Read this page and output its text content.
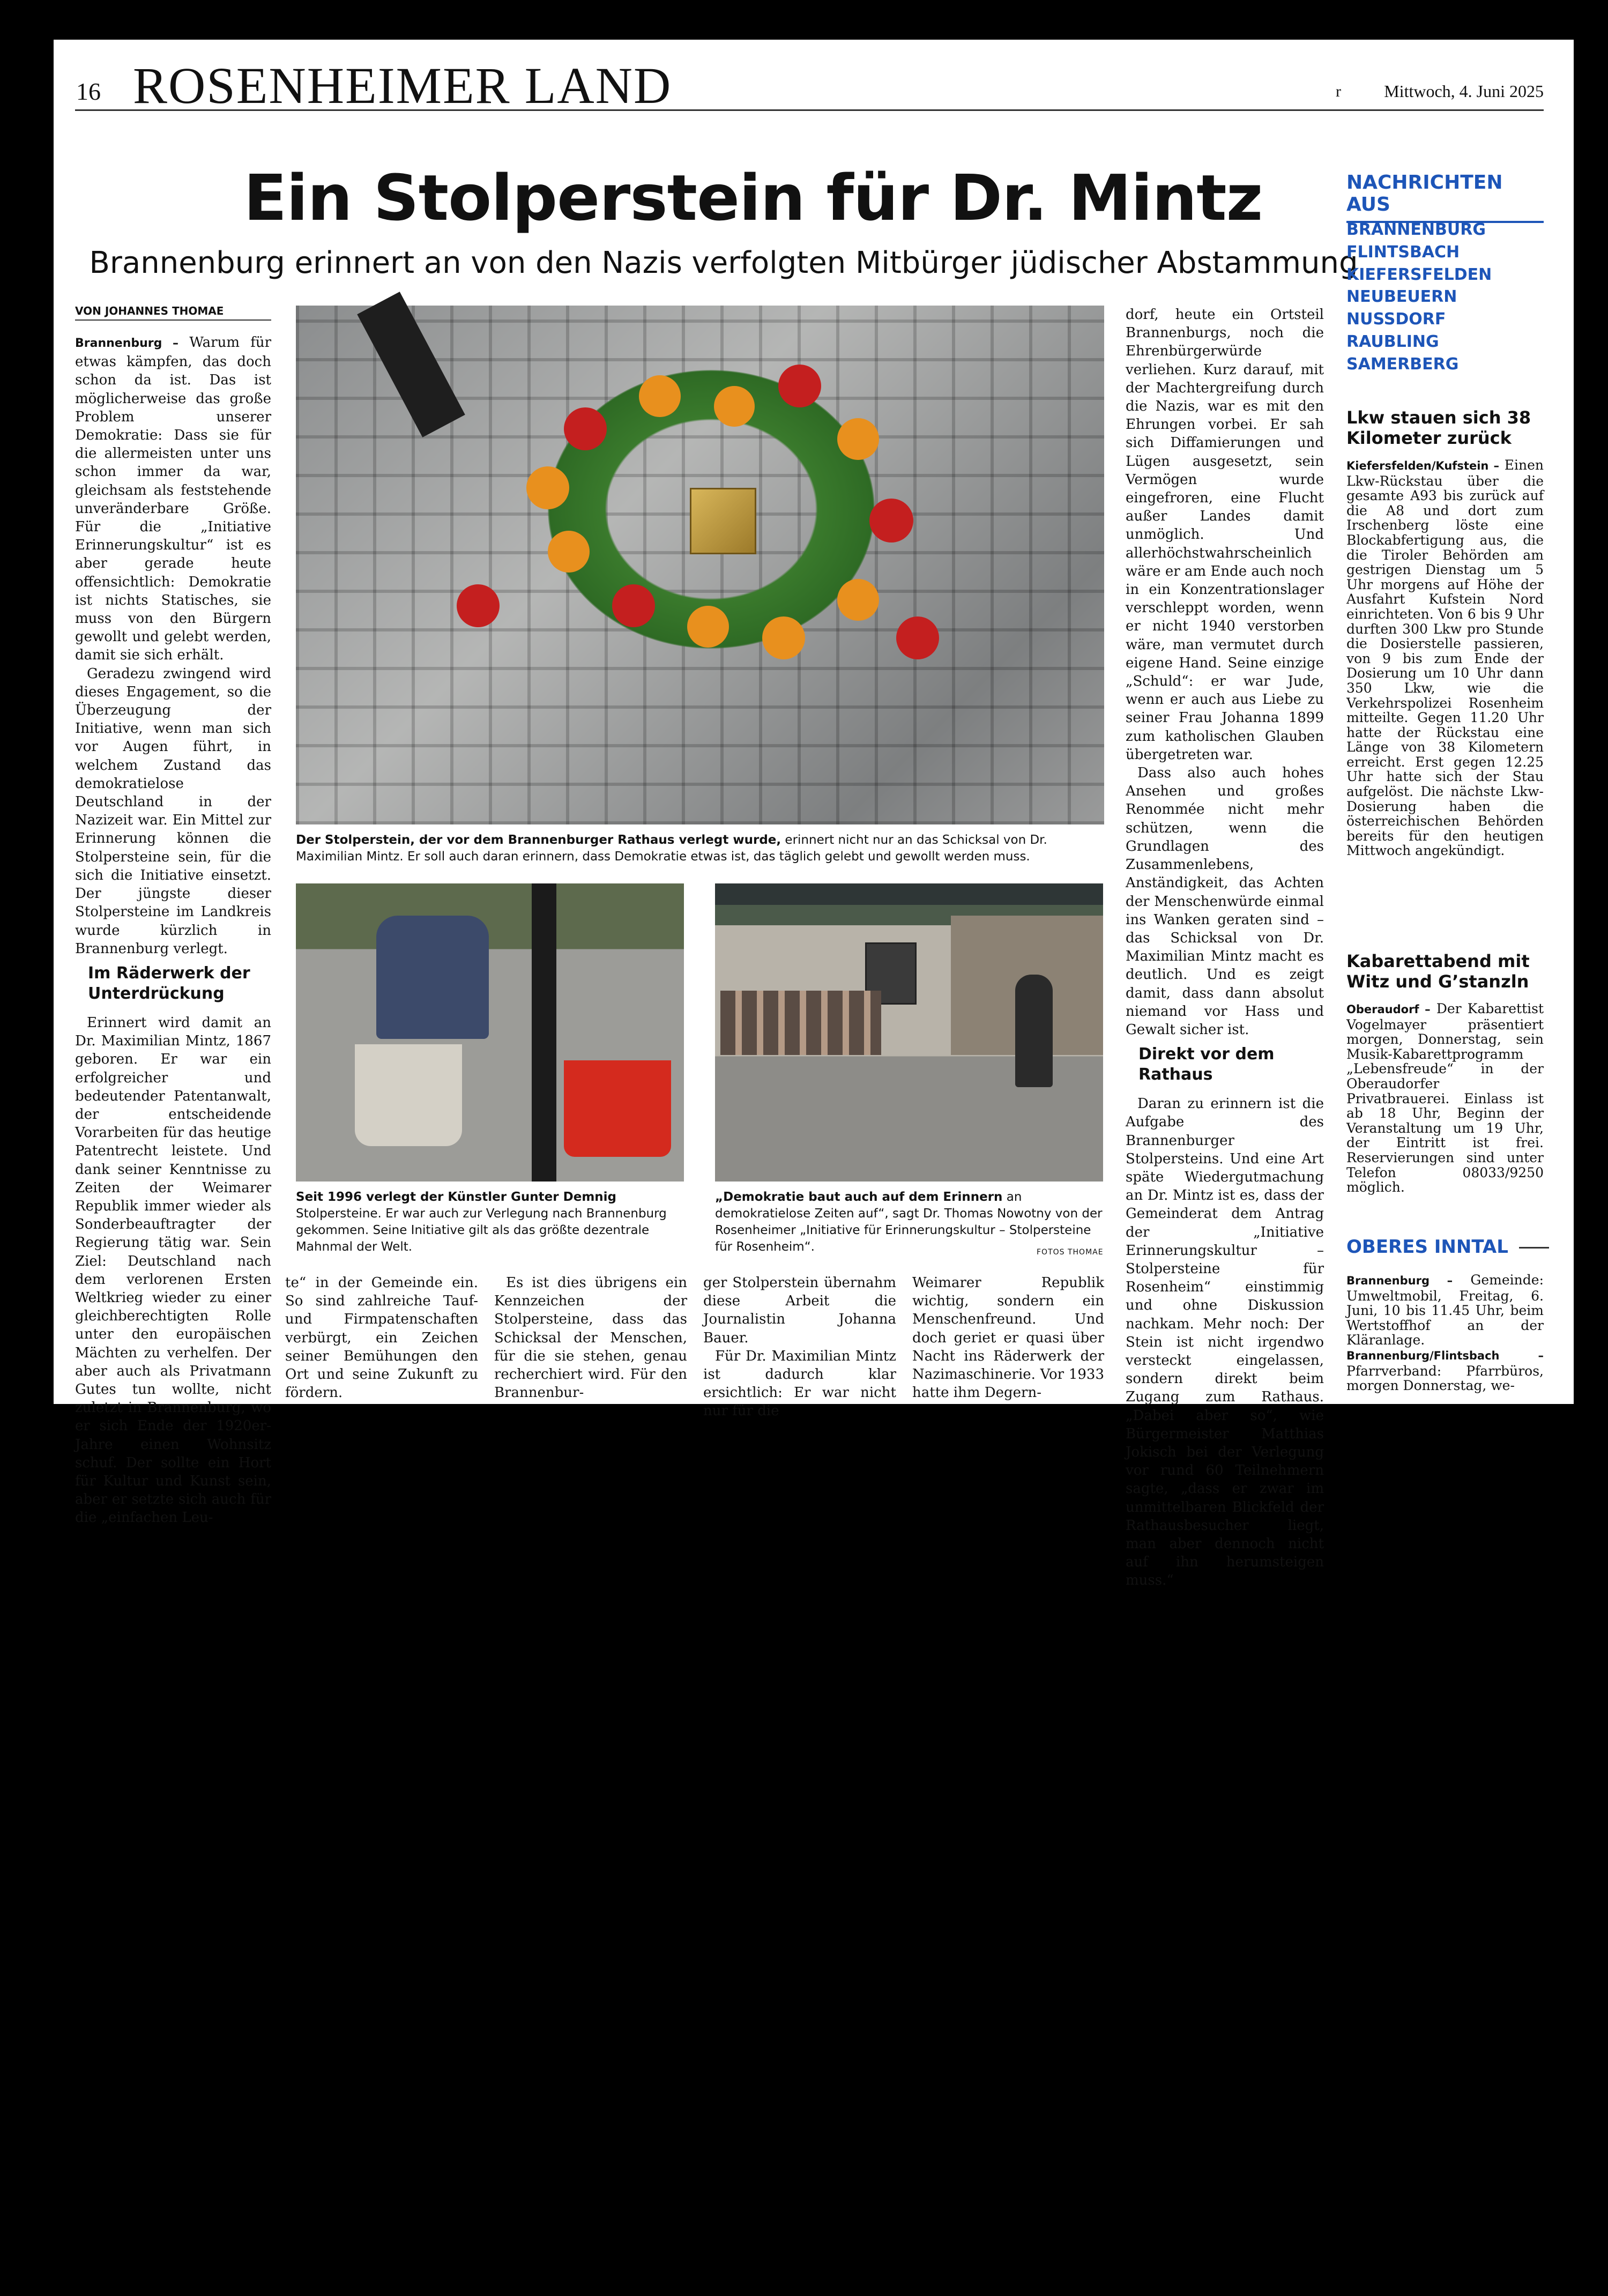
16 ROSENHEIMER LAND	r	Mittwoch, 4. Juni 2025
Ein Stolperstein für Dr. Mintz
Brannenburg erinnert an von den Nazis verfolgten Mitbürger jüdischer Abstammung
VON JOHANNES THOMAE

Brannenburg – Warum für etwas kämpfen, das doch schon da ist. Das ist möglicherweise das große Problem unserer Demokratie: Dass sie für die allermeisten unter uns schon immer da war, gleichsam als feststehende unveränderbare Größe. Für die „Initiative Erinnerungskultur“ ist es aber gerade heute offensichtlich: Demokratie ist nichts Statisches, sie muss von den Bürgern gewollt und gelebt werden, damit sie sich erhält.

Geradezu zwingend wird dieses Engagement, so die Überzeugung der Initiative, wenn man sich vor Augen führt, in welchem Zustand das demokratielose Deutschland in der Nazizeit war. Ein Mittel zur Erinnerung können die Stolpersteine sein, für die sich die Initiative einsetzt. Der jüngste dieser Stolpersteine im Landkreis wurde kürzlich in Brannenburg verlegt.

Im Räderwerk der Unterdrückung

Erinnert wird damit an Dr. Maximilian Mintz, 1867 geboren. Er war ein erfolgreicher und bedeutender Patentanwalt, der entscheidende Vorarbeiten für das heutige Patentrecht leistete. Und dank seiner Kenntnisse zu Zeiten der Weimarer Republik immer wieder als Sonderbeauftragter der Regierung tätig war. Sein Ziel: Deutschland nach dem verlorenen Ersten Weltkrieg wieder zu einer gleichberechtigten Rolle unter den europäischen Mächten zu verhelfen. Der aber auch als Privatmann Gutes tun wollte, nicht zuletzt in Brannenburg, wo er sich Ende der 1920er-Jahre einen Wohnsitz schuf. Der sollte ein Hort für Kultur und Kunst sein, aber er setzte sich auch für die „einfachen Leu-

Der Stolperstein, der vor dem Brannenburger Rathaus verlegt wurde, erinnert nicht nur an das Schicksal von Dr. Maximilian Mintz. Er soll auch daran erinnern, dass Demokratie etwas ist, das täglich gelebt und gewollt werden muss.
Seit 1996 verlegt der Künstler Gunter Demnig Stolpersteine. Er war auch zur Verlegung nach Brannenburg gekommen. Seine Initiative gilt als das größte dezentrale Mahnmal der Welt.
„Demokratie baut auch auf dem Erinnern an demokratielose Zeiten auf“, sagt Dr. Thomas Nowotny von der Rosenheimer „Initiative für Erinnerungskultur – Stolpersteine für Rosenheim“.	FOTOS THOMAE

te“ in der Gemeinde ein. So sind zahlreiche Tauf- und Firmpatenschaften verbürgt, ein Zeichen seiner Bemühungen den Ort und seine Zukunft zu fördern.

Es ist dies übrigens ein Kennzeichen der Stolpersteine, dass das Schicksal der Menschen, für die sie stehen, genau recherchiert wird. Für den Brannenbur-

ger Stolperstein übernahm diese Arbeit die Journalistin Johanna Bauer.

Für Dr. Maximilian Mintz ist dadurch klar ersichtlich: Er war nicht nur für die

Weimarer Republik wichtig, sondern ein Menschenfreund. Und doch geriet er quasi über Nacht ins Räderwerk der Nazimaschinerie. Vor 1933 hatte ihm Degern-

dorf, heute ein Ortsteil Brannenburgs, noch die Ehrenbürgerwürde verliehen. Kurz darauf, mit der Machtergreifung durch die Nazis, war es mit den Ehrungen vorbei. Er sah sich Diffamierungen und Lügen ausgesetzt, sein Vermögen wurde eingefroren, eine Flucht außer Landes damit unmöglich. Und allerhöchstwahrscheinlich wäre er am Ende auch noch in ein Konzentrationslager verschleppt worden, wenn er nicht 1940 verstorben wäre, man vermutet durch eigene Hand. Seine einzige „Schuld“: er war Jude, wenn er auch aus Liebe zu seiner Frau Johanna 1899 zum katholischen Glauben übergetreten war.

Dass also auch hohes Ansehen und großes Renommée nicht mehr schützen, wenn die Grundlagen des Zusammenlebens, Anständigkeit, das Achten der Menschenwürde einmal ins Wanken geraten sind – das Schicksal von Dr. Maximilian Mintz macht es deutlich. Und es zeigt damit, dass dann absolut niemand vor Hass und Gewalt sicher ist.

Direkt vor dem Rathaus

Daran zu erinnern ist die Aufgabe des Brannenburger Stolpersteins. Und eine Art späte Wiedergutmachung an Dr. Mintz ist es, dass der Gemeinderat dem Antrag der „Initiative Erinnerungskultur – Stolpersteine für Rosenheim“ einstimmig und ohne Diskussion nachkam. Mehr noch: Der Stein ist nicht irgendwo versteckt eingelassen, sondern direkt beim Zugang zum Rathaus. „Dabei aber so“, wie Bürgermeister Matthias Jokisch bei der Verlegung vor rund 60 Teilnehmern sagte, „dass er zwar im unmittelbaren Blickfeld der Rathausbesucher liegt, man aber dennoch nicht auf ihn herumsteigen muss.“

NACHRICHTEN AUS
BRANNENBURG
FLINTSBACH
KIEFERSFELDEN
NEUBEUERN
NUSSDORF
RAUBLING
SAMERBERG
Lkw stauen sich 38 Kilometer zurück

Kiefersfelden/Kufstein – Einen Lkw-Rückstau über die gesamte A93 bis zurück auf die A8 und dort zum Irschenberg löste eine Blockabfertigung aus, die die Tiroler Behörden am gestrigen Dienstag um 5 Uhr morgens auf Höhe der Ausfahrt Kufstein Nord einrichteten. Von 6 bis 9 Uhr durften 300 Lkw pro Stunde die Dosierstelle passieren, von 9 bis zum Ende der Dosierung um 10 Uhr dann 350 Lkw, wie die Verkehrspolizei Rosenheim mitteilte. Gegen 11.20 Uhr hatte der Rückstau eine Länge von 38 Kilometern erreicht. Erst gegen 12.25 Uhr hatte sich der Stau aufgelöst. Die nächste Lkw-Dosierung haben die österreichischen Behörden bereits für den heutigen Mittwoch angekündigt.

Kabarettabend mit Witz und G’stanzln

Oberaudorf – Der Kabarettist Vogelmayer präsentiert morgen, Donnerstag, sein Musik-Kabarettprogramm „Lebensfreude“ in der Oberaudorfer Privatbrauerei. Einlass ist ab 18 Uhr, Beginn der Veranstaltung um 19 Uhr, der Eintritt ist frei. Reservierungen sind unter Telefon 08033/9250 möglich.

OBERES INNTAL

Brannenburg – Gemeinde: Umweltmobil, Freitag, 6. Juni, 10 bis 11.45 Uhr, beim Wertstoffhof an der Kläranlage.

Brannenburg/Flintsbach – Pfarrverband: Pfarrbüros, morgen Donnerstag, we-
